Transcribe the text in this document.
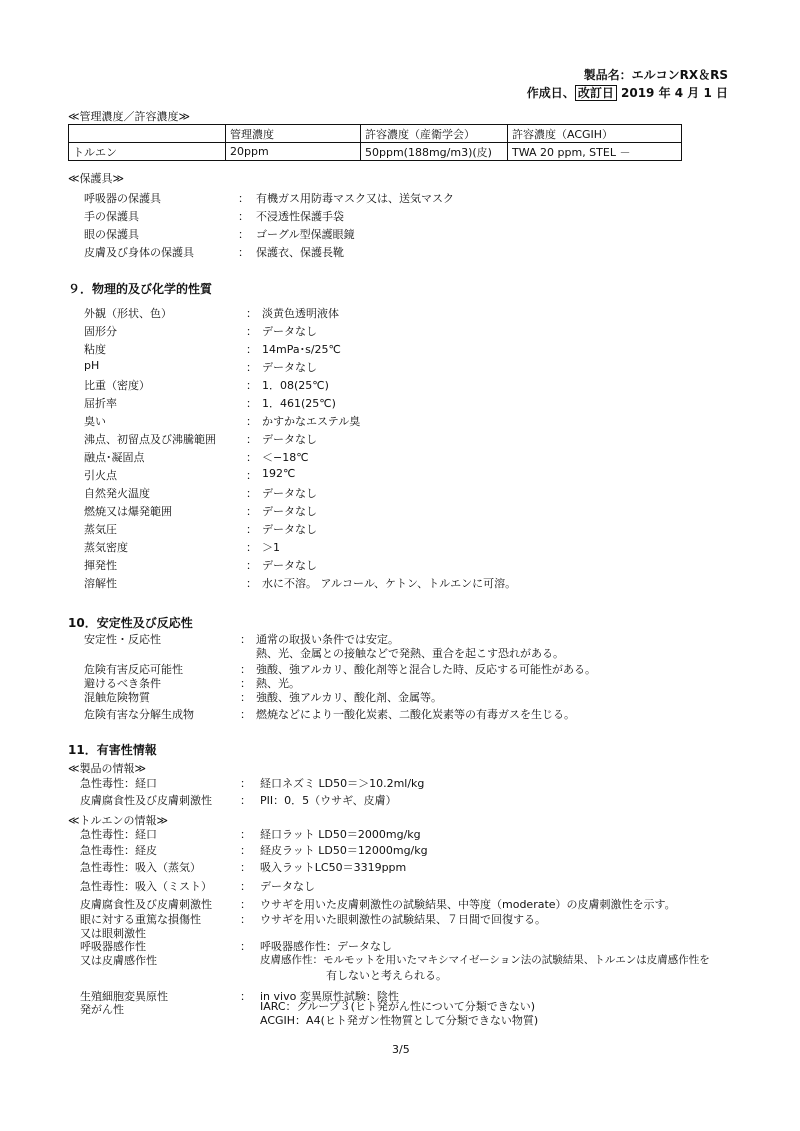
製品名：エルコンRX＆RS
作成日、 改訂日 2019 年 4 月 1 日
≪管理濃度／許容濃度≫
	管理濃度	許容濃度（産衛学会）	許容濃度（ACGIH）
トルエン	20ppm	50ppm(188mg/m3)(皮)	TWA 20 ppm, STEL －
≪保護具≫
呼吸器の保護具	： 有機ガス用防毒マスク又は、送気マスク
手の保護具	： 不浸透性保護手袋
眼の保護具	： ゴーグル型保護眼鏡
皮膚及び身体の保護具	： 保護衣、保護長靴
９．物理的及び化学的性質
外観（形状、色）	： 淡黄色透明液体
固形分	： データなし
粘度	： 14mPa･s/25℃
pH	： データなし
比重（密度）	： 1．08(25℃)
屈折率	： 1．461(25℃)
臭い	： かすかなエステル臭
沸点、初留点及び沸騰範囲	： データなし
融点･凝固点	： ＜−18℃
引火点	： 192℃
自然発火温度	： データなし
燃焼又は爆発範囲	： データなし
蒸気圧	： データなし
蒸気密度	： ＞1
揮発性	： データなし
溶解性	： 水に不溶。 アルコール、ケトン、トルエンに可溶。
10．安定性及び反応性
安定性・反応性	： 通常の取扱い条件では安定。
熱、光、金属との接触などで発熱、重合を起こす恐れがある。
危険有害反応可能性	： 強酸、強アルカリ、酸化剤等と混合した時、反応する可能性がある。
避けるべき条件	： 熱、光。
混触危険物質	： 強酸、強アルカリ、酸化剤、金属等。
危険有害な分解生成物	： 燃焼などにより一酸化炭素、二酸化炭素等の有毒ガスを生じる。
11．有害性情報
≪製品の情報≫
急性毒性：経口	： 経口ネズミ LD50＝＞10.2ml/kg
皮膚腐食性及び皮膚刺激性	： PII：0．5（ウサギ、皮膚）
≪トルエンの情報≫
急性毒性：経口	： 経口ラット LD50＝2000mg/kg
急性毒性：経皮	： 経皮ラット LD50＝12000mg/kg
急性毒性：吸入（蒸気）	： 吸入ラットLC50＝3319ppm
急性毒性：吸入（ミスト）	： データなし
皮膚腐食性及び皮膚刺激性	： ウサギを用いた皮膚刺激性の試験結果、中等度（moderate）の皮膚刺激性を示す。
眼に対する重篤な損傷性	： ウサギを用いた眼刺激性の試験結果、７日間で回復する。
又は眼刺激性
呼吸器感作性	： 呼吸器感作性：データなし
又は皮膚感作性	皮膚感作性：モルモットを用いたマキシマイゼーション法の試験結果、トルエンは皮膚感作性を
有しないと考えられる。
生殖細胞変異原性	： in vivo 変異原性試験：陰性
発がん性	IARC：グループ３(ヒト発がん性について分類できない)
ACGIH：A4(ヒト発ガン性物質として分類できない物質)
3/5
